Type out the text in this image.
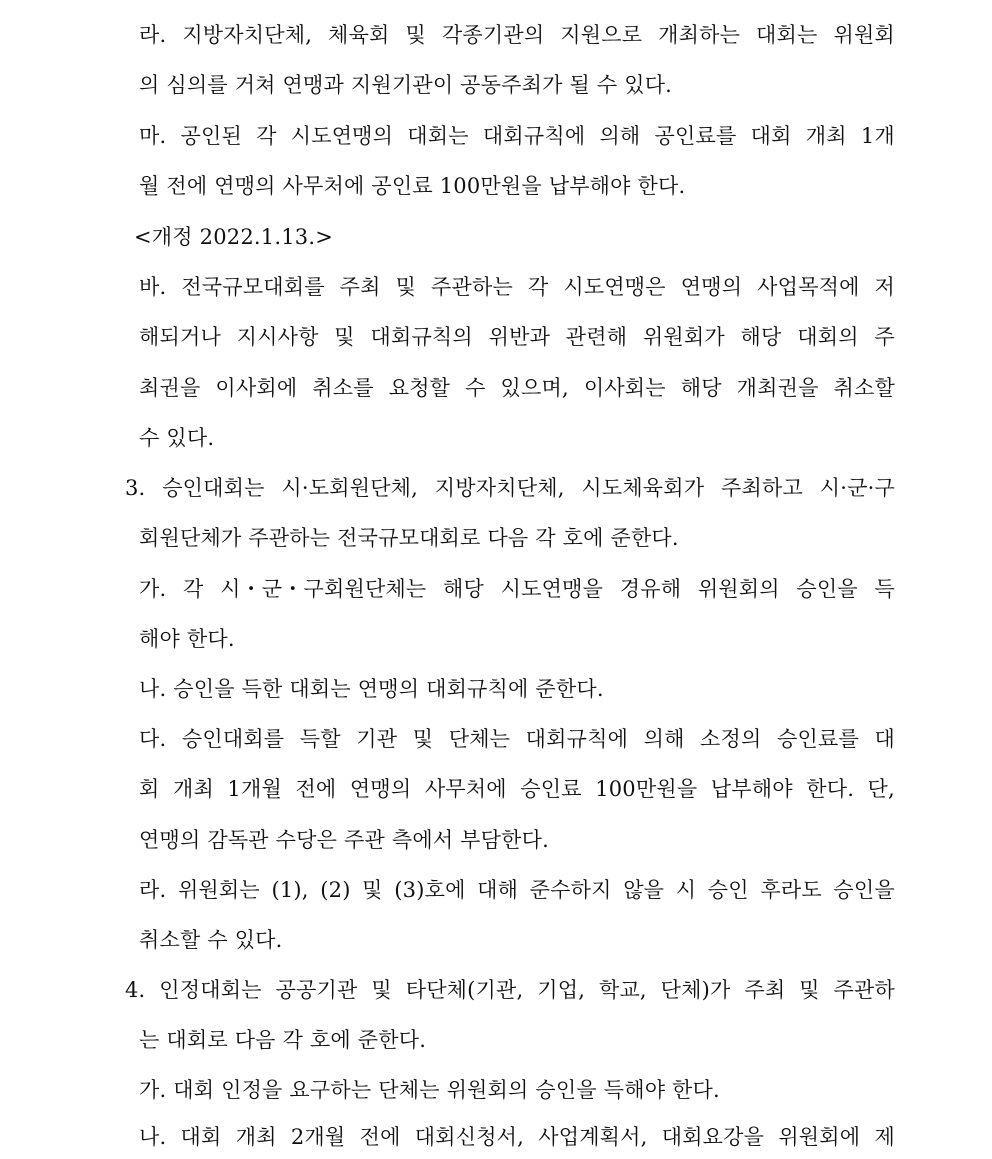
라. 지방자치단체, 체육회 및 각종기관의 지원으로 개최하는 대회는 위원회
의 심의를 거쳐 연맹과 지원기관이 공동주최가 될 수 있다.
마. 공인된 각 시도연맹의 대회는 대회규칙에 의해 공인료를 대회 개최 1개
월 전에 연맹의 사무처에 공인료 100만원을 납부해야 한다.
<개정 2022.1.13.>
바. 전국규모대회를 주최 및 주관하는 각 시도연맹은 연맹의 사업목적에 저
해되거나 지시사항 및 대회규칙의 위반과 관련해 위원회가 해당 대회의 주
최권을 이사회에 취소를 요청할 수 있으며, 이사회는 해당 개최권을 취소할
수 있다.
3. 승인대회는 시·도회원단체, 지방자치단체, 시도체육회가 주최하고 시·군·구
회원단체가 주관하는 전국규모대회로 다음 각 호에 준한다.
가. 각 시・군・구회원단체는 해당 시도연맹을 경유해 위원회의 승인을 득
해야 한다.
나. 승인을 득한 대회는 연맹의 대회규칙에 준한다.
다. 승인대회를 득할 기관 및 단체는 대회규칙에 의해 소정의 승인료를 대
회 개최 1개월 전에 연맹의 사무처에 승인료 100만원을 납부해야 한다. 단,
연맹의 감독관 수당은 주관 측에서 부담한다.
라. 위원회는 (1), (2) 및 (3)호에 대해 준수하지 않을 시 승인 후라도 승인을
취소할 수 있다.
4. 인정대회는 공공기관 및 타단체(기관, 기업, 학교, 단체)가 주최 및 주관하
는 대회로 다음 각 호에 준한다.
가. 대회 인정을 요구하는 단체는 위원회의 승인을 득해야 한다.
나. 대회 개최 2개월 전에 대회신청서, 사업계획서, 대회요강을 위원회에 제
